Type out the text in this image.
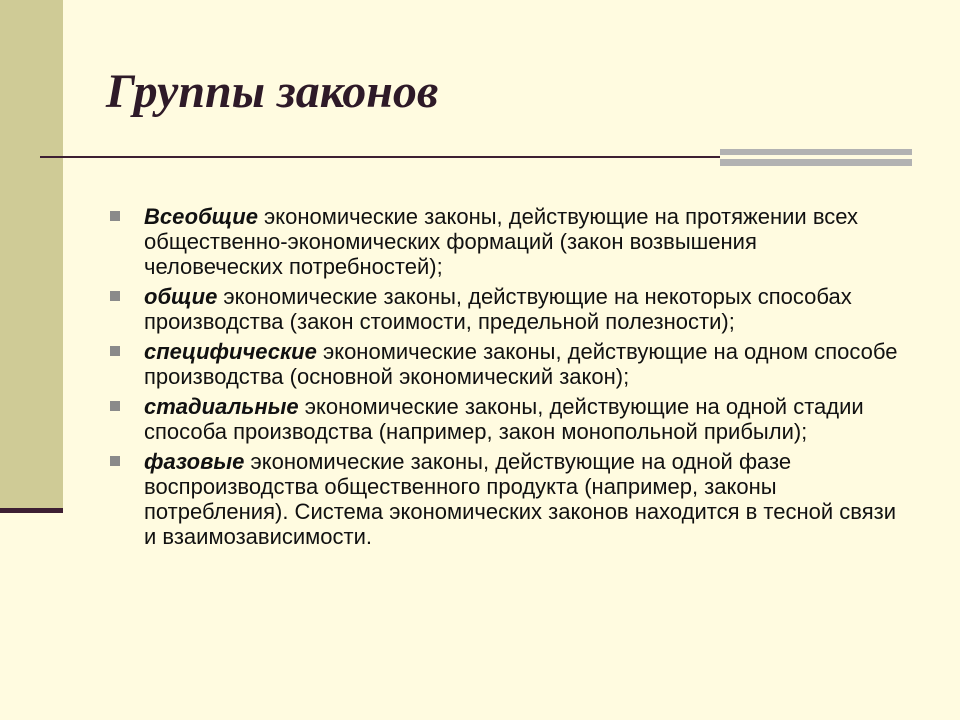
Группы законов
Всеобщие экономические законы, действующие на протяжении всех общественно-экономических формаций (закон возвышения человеческих потребностей);
общие экономические законы, действующие на некоторых способах производства (закон стоимости, предельной полезности);
специфические экономические законы, действующие на одном способе производства (основной экономический закон);
стадиальные экономические законы, действующие на одной стадии способа производства (например, закон монопольной прибыли);
фазовые экономические законы, действующие на одной фазе воспроизводства общественного продукта (например, законы потребления). Система экономических законов находится в тесной связи и взаимозависимости.
